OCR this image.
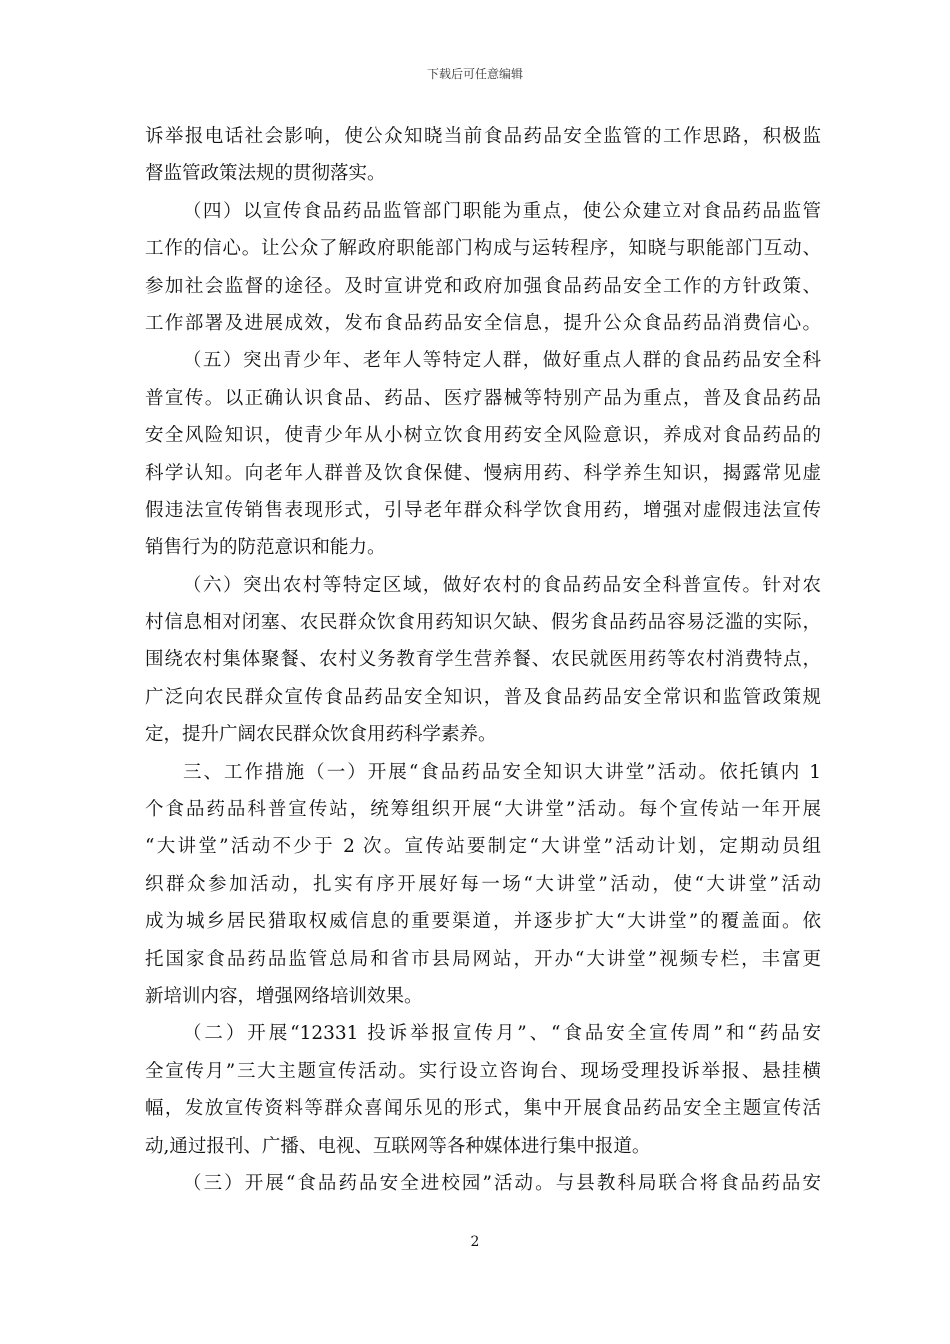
下载后可任意编辑
诉举报电话社会影响，使公众知晓当前食品药品安全监管的工作思路，积极监
督监管政策法规的贯彻落实。
（四）以宣传食品药品监管部门职能为重点，使公众建立对食品药品监管
工作的信心。让公众了解政府职能部门构成与运转程序，知晓与职能部门互动、
参加社会监督的途径。及时宣讲党和政府加强食品药品安全工作的方针政策、
工作部署及进展成效，发布食品药品安全信息，提升公众食品药品消费信心。
（五）突出青少年、老年人等特定人群，做好重点人群的食品药品安全科
普宣传。以正确认识食品、药品、医疗器械等特别产品为重点，普及食品药品
安全风险知识，使青少年从小树立饮食用药安全风险意识，养成对食品药品的
科学认知。向老年人群普及饮食保健、慢病用药、科学养生知识，揭露常见虚
假违法宣传销售表现形式，引导老年群众科学饮食用药，增强对虚假违法宣传
销售行为的防范意识和能力。
（六）突出农村等特定区域，做好农村的食品药品安全科普宣传。针对农
村信息相对闭塞、农民群众饮食用药知识欠缺、假劣食品药品容易泛滥的实际，
围绕农村集体聚餐、农村义务教育学生营养餐、农民就医用药等农村消费特点，
广泛向农民群众宣传食品药品安全知识，普及食品药品安全常识和监管政策规
定，提升广阔农民群众饮食用药科学素养。
三、工作措施（一）开展“食品药品安全知识大讲堂”活动。依托镇内 1
个食品药品科普宣传站，统筹组织开展“大讲堂”活动。每个宣传站一年开展
“大讲堂”活动不少于 2 次。宣传站要制定“大讲堂”活动计划，定期动员组
织群众参加活动，扎实有序开展好每一场“大讲堂”活动，使“大讲堂”活动
成为城乡居民猎取权威信息的重要渠道，并逐步扩大“大讲堂”的覆盖面。依
托国家食品药品监管总局和省市县局网站，开办“大讲堂”视频专栏，丰富更
新培训内容，增强网络培训效果。
（二）开展“12331 投诉举报宣传月”、“食品安全宣传周”和“药品安
全宣传月”三大主题宣传活动。实行设立咨询台、现场受理投诉举报、悬挂横
幅，发放宣传资料等群众喜闻乐见的形式，集中开展食品药品安全主题宣传活
动,通过报刊、广播、电视、互联网等各种媒体进行集中报道。
（三）开展“食品药品安全进校园”活动。与县教科局联合将食品药品安
2
